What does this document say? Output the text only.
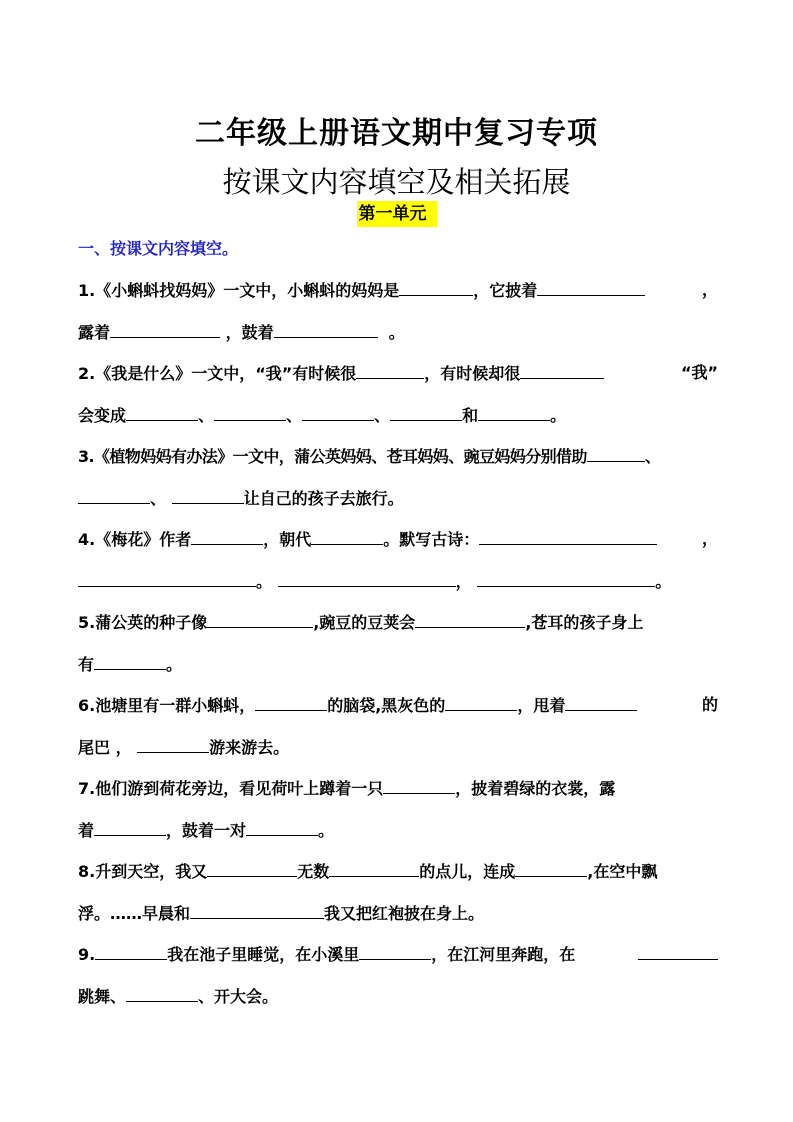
二年级上册语文期中复习专项
按课文内容填空及相关拓展
第一单元
一、按课文内容填空。
1.《小蝌蚪找妈妈》一文中，小蝌蚪的妈妈是	，它披着	，
露着	，鼓着	。
2.《我是什么》一文中，“我”有时候很	，有时候却很	“我”
会变成	、	、	、	和	。
3.《植物妈妈有办法》一文中，蒲公英妈妈、苍耳妈妈、豌豆妈妈分别借助	、
、	让自己的孩子去旅行。
4.《梅花》作者	，朝代	。默写古诗：	，
。	，	。
5.蒲公英的种子像	,豌豆的豆荚会	,苍耳的孩子身上
有	。
6.池塘里有一群小蝌蚪，	的脑袋,黑灰色的	，甩着	的
尾巴 ，	游来游去。
7.他们游到荷花旁边，看见荷叶上蹲着一只	，披着碧绿的衣裳，露
着	，鼓着一对	。
8.升到天空，我又	无数	的点儿，连成	,在空中飘
浮。……早晨和	我又把红袍披在身上。
9.	我在池子里睡觉，在小溪里	，在江河里奔跑，在
跳舞、	、开大会。
